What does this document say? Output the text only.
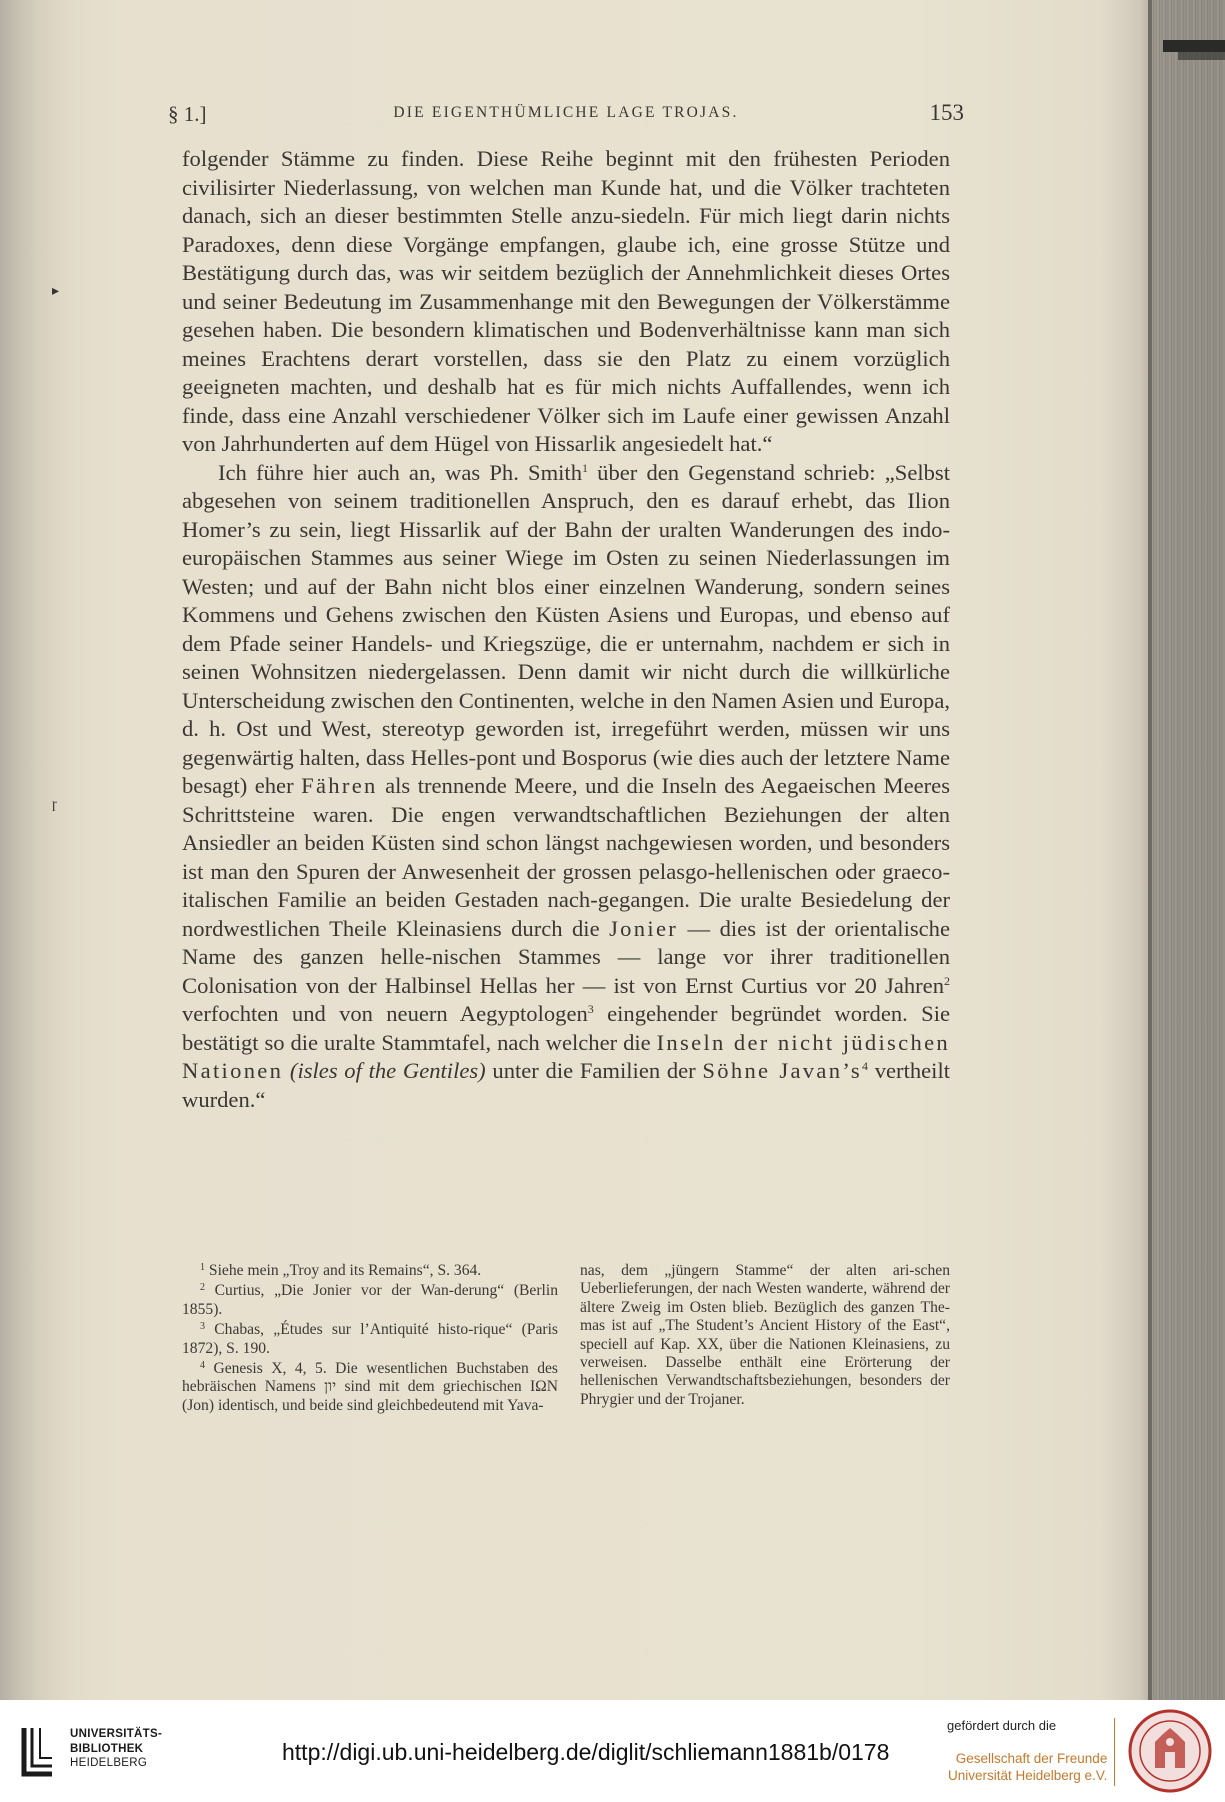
▸
ɼ
§ 1.]	DIE EIGENTHÜMLICHE LAGE TROJAS.	153

folgender Stämme zu finden. Diese Reihe beginnt mit den frühesten Perioden civilisirter Niederlassung, von welchen man Kunde hat, und die Völker trachteten danach, sich an dieser bestimmten Stelle anzu-siedeln. Für mich liegt darin nichts Paradoxes, denn diese Vorgänge empfangen, glaube ich, eine grosse Stütze und Bestätigung durch das, was wir seitdem bezüglich der Annehmlichkeit dieses Ortes und seiner Bedeutung im Zusammenhange mit den Bewegungen der Völkerstämme gesehen haben. Die besondern klimatischen und Bodenverhältnisse kann man sich meines Erachtens derart vorstellen, dass sie den Platz zu einem vorzüglich geeigneten machten, und deshalb hat es für mich nichts Auffallendes, wenn ich finde, dass eine Anzahl verschiedener Völker sich im Laufe einer gewissen Anzahl von Jahrhunderten auf dem Hügel von Hissarlik angesiedelt hat.“

Ich führe hier auch an, was Ph. Smith$^1$ über den Gegenstand schrieb: „Selbst abgesehen von seinem traditionellen Anspruch, den es darauf erhebt, das Ilion Homer’s zu sein, liegt Hissarlik auf der Bahn der uralten Wanderungen des indo-europäischen Stammes aus seiner Wiege im Osten zu seinen Niederlassungen im Westen; und auf der Bahn nicht blos einer einzelnen Wanderung, sondern seines Kommens und Gehens zwischen den Küsten Asiens und Europas, und ebenso auf dem Pfade seiner Handels- und Kriegszüge, die er unternahm, nachdem er sich in seinen Wohnsitzen niedergelassen. Denn damit wir nicht durch die willkürliche Unterscheidung zwischen den Continenten, welche in den Namen Asien und Europa, d. h. Ost und West, stereotyp geworden ist, irregeführt werden, müssen wir uns gegenwärtig halten, dass Helles-pont und Bosporus (wie dies auch der letztere Name besagt) eher Fähren als trennende Meere, und die Inseln des Aegaeischen Meeres Schrittsteine waren. Die engen verwandtschaftlichen Beziehungen der alten Ansiedler an beiden Küsten sind schon längst nachgewiesen worden, und besonders ist man den Spuren der Anwesenheit der grossen pelasgo-hellenischen oder graeco-italischen Familie an beiden Gestaden nach-gegangen. Die uralte Besiedelung der nordwestlichen Theile Kleinasiens durch die Jonier — dies ist der orientalische Name des ganzen helle-nischen Stammes — lange vor ihrer traditionellen Colonisation von der Halbinsel Hellas her — ist von Ernst Curtius vor 20 Jahren$^2$ verfochten und von neuern Aegyptologen$^3$ eingehender begründet worden. Sie bestätigt so die uralte Stammtafel, nach welcher die Inseln der nicht jüdischen Nationen (isles of the Gentiles) unter die Familien der Söhne $Javan’s^4$ vertheilt wurden.“

$^1$ Siehe mein „Troy and its Remains“, S. 364.

$^2$ Curtius, „Die Jonier vor der Wan-derung“ (Berlin 1855).

$^3$ Chabas, „Études sur l’Antiquité histo-rique“ (Paris 1872), S. 190.

$^4$ Genesis X, 4, 5. Die wesentlichen Buchstaben des hebräischen Namens יון sind mit dem griechischen ΙΩΝ (Jon) identisch, und beide sind gleichbedeutend mit Yava-

nas, dem „jüngern Stamme“ der alten ari-schen Ueberlieferungen, der nach Westen wanderte, während der ältere Zweig im Osten blieb. Bezüglich des ganzen The-mas ist auf „The Student’s Ancient History of the East“, speciell auf Kap. XX, über die Nationen Kleinasiens, zu verweisen. Dasselbe enthält eine Erörterung der hellenischen Verwandtschaftsbeziehungen, besonders der Phrygier und der Trojaner.

UNIVERSITÄTS-
BIBLIOTHEK
HEIDELBERG	http://digi.ub.uni-heidelberg.de/diglit/schliemann1881b/0178
gefördert durch die
Gesellschaft der Freunde
Universität Heidelberg e.V.
